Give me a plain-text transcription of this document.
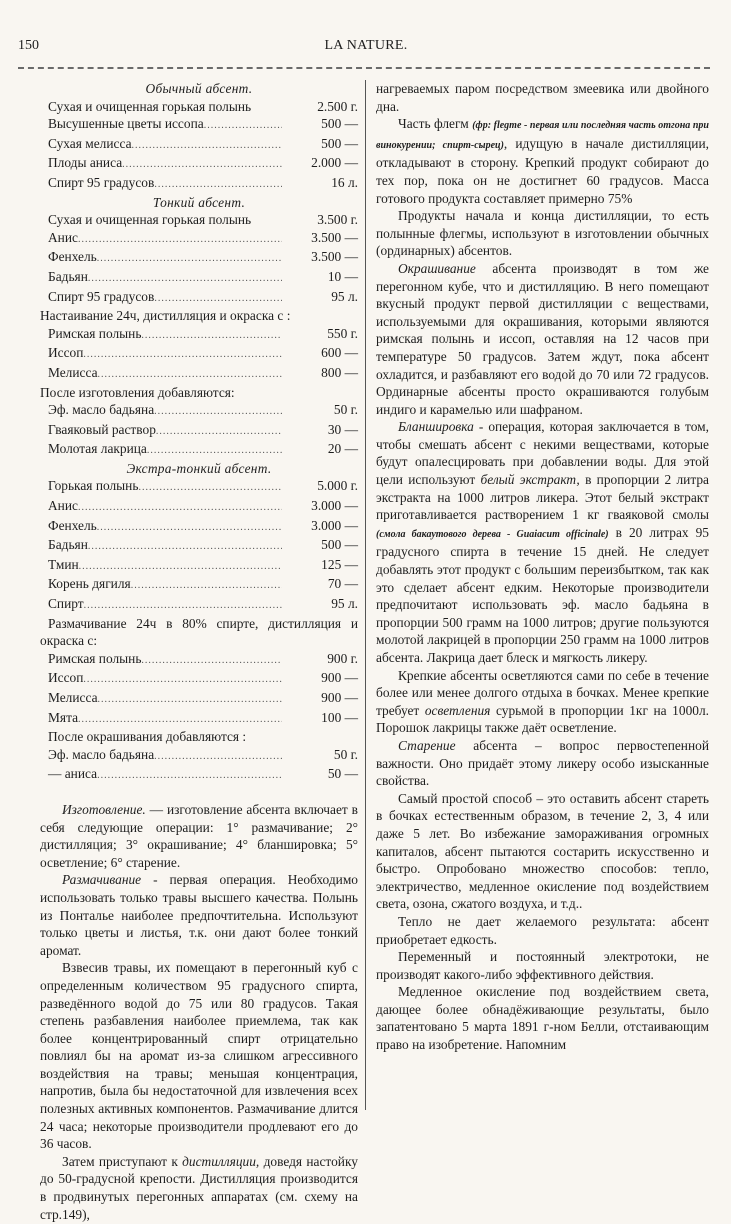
150	LA NATURE.
Обычный абсент.
Сухая и очищенная горькая полынь	2.500 г.
Высушенные цветы иссопа .....	500 —
Сухая мелисса .....	500 —
Плоды аниса .....	2.000 —
Спирт 95 градусов .....	16 л.
Тонкий абсент.
Сухая и очищенная горькая полынь	3.500 г.
Анис .....	3.500 —
Фенхель .....	3.500 —
Бадьян .....	10 —
Спирт 95 градусов .....	95 л.
Настаивание 24ч, дистилляция и окраска с :
Римская полынь .....	550 г.
Иссоп .....	600 —
Мелисса .....	800 —
После изготовления добавляются:
Эф. масло бадьяна .....	50 г.
Гваяковый раствор .....	30 —
Молотая лакрица .....	20 —
Экстра-тонкий абсент.
Горькая полынь .....	5.000 г.
Анис .....	3.000 —
Фенхель .....	3.000 —
Бадьян .....	500 —
Тмин .....	125 —
Корень дягиля .....	70 —
Спирт .....	95 л.

Размачивание 24ч в 80% спирте, дистилляция и окраска с:

Римская полынь .....	900 г.
Иссоп .....	900 —
Мелисса .....	900 —
Мята .....	100 —
После окрашивания добавляются :
Эф. масло бадьяна .....	50 г.
— аниса .....	50 —

Изготовление. — изготовление абсента включает в себя следующие операции: 1° размачивание; 2° дистилляция; 3° окрашивание; 4° бланшировка; 5° осветление; 6° старение.

Размачивание - первая операция. Необходимо использовать только травы высшего качества. Полынь из Понталье наиболее предпочтительна. Используют только цветы и листья, т.к. они дают более тонкий аромат.

Взвесив травы, их помещают в перегонный куб с определенным количеством 95 градусного спирта, разведённого водой до 75 или 80 градусов. Такая степень разбавления наиболее приемлема, так как более концентрированный спирт отрицательно повлиял бы на аромат из-за слишком агрессивного воздействия на травы; меньшая концентрация, напротив, была бы недостаточной для извлечения всех полезных активных компонентов. Размачивание длится 24 часа; некоторые производители продлевают его до 36 часов.

Затем приступают к дистилляции, доведя настойку до 50-градусной крепости. Дистилляция производится в продвинутых перегонных аппаратах (см. схему на стр.149),

нагреваемых паром посредством змеевика или двойного дна.

Часть флегм (фр: flegme - первая или последняя часть отгона при винокурении; спирт-сырец), идущую в начале дистилляции, откладывают в сторону. Крепкий продукт собирают до тех пор, пока он не достигнет 60 градусов. Масса готового продукта составляет примерно 75%

Продукты начала и конца дистилляции, то есть полынные флегмы, используют в изготовлении обычных (ординарных) абсентов.

Окрашивание абсента производят в том же перегонном кубе, что и дистилляцию. В него помещают вкусный продукт первой дистилляции с веществами, используемыми для окрашивания, которыми являются римская полынь и иссоп, оставляя на 12 часов при температуре 50 градусов. Затем ждут, пока абсент охладится, и разбавляют его водой до 70 или 72 градусов. Ординарные абсенты просто окрашиваются голубым индиго и карамелью или шафраном.

Бланшировка - операция, которая заключается в том, чтобы смешать абсент с некими веществами, которые будут опалесцировать при добавлении воды. Для этой цели используют белый экстракт, в пропорции 2 литра экстракта на 1000 литров ликера. Этот белый экстракт приготавливается растворением 1 кг гваяковой смолы (смола бакаутового дерева - Guaiacum officinale) в 20 литрах 95 градусного спирта в течение 15 дней. Не следует добавлять этот продукт с большим переизбытком, так как это сделает абсент едким. Некоторые производители предпочитают использовать эф. масло бадьяна в пропорции 500 грамм на 1000 литров; другие пользуются молотой лакрицей в пропорции 250 грамм на 1000 литров абсента. Лакрица дает блеск и мягкость ликеру.

Крепкие абсенты осветляются сами по себе в течение более или менее долгого отдыха в бочках. Менее крепкие требует осветления сурьмой в пропорции 1кг на 1000л. Порошок лакрицы также даёт осветление.

Старение абсента – вопрос первостепенной важности. Оно придаёт этому ликеру особо изысканные свойства.

Самый простой способ – это оставить абсент стареть в бочках естественным образом, в течение 2, 3, 4 или даже 5 лет. Во избежание замораживания огромных капиталов, абсент пытаются состарить искусственно и быстро. Опробовано множество способов: тепло, электричество, медленное окисление под воздействием света, озона, сжатого воздуха, и т.д..

Тепло не дает желаемого результата: абсент приобретает едкость.

Переменный и постоянный электротоки, не производят какого-либо эффективного действия.

Медленное окисление под воздействием света, дающее более обнадёживающие результаты, было запатентовано 5 марта 1891 г-ном Белли, отстаивающим право на изобретение. Напомним
